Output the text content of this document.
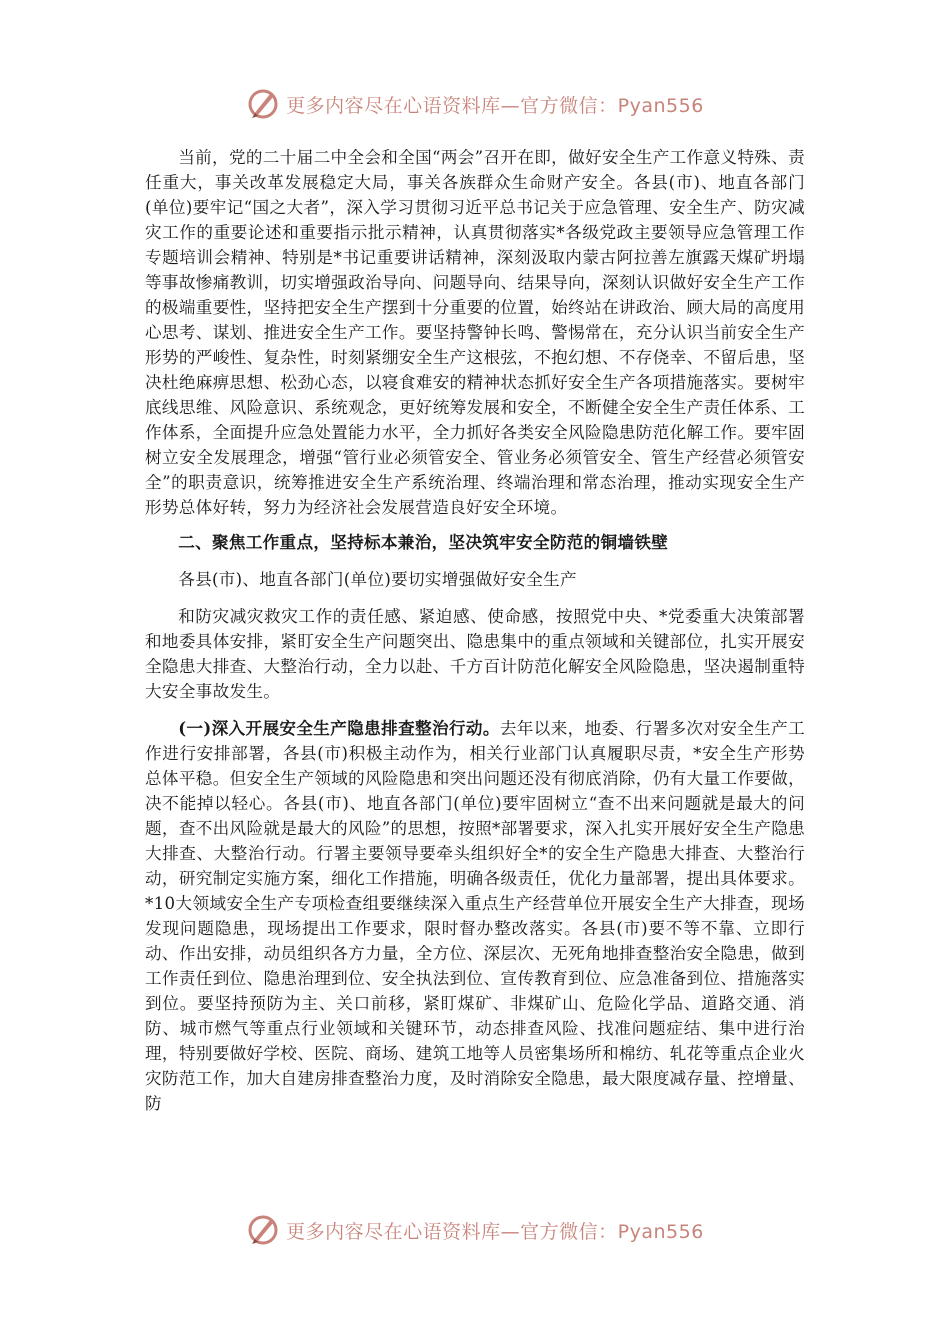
更多内容尽在心语资料库—官方微信：Pyan556

当前，党的二十届二中全会和全国“两会”召开在即，做好安全生产工作意义特殊、责任重大，事关改革发展稳定大局，事关各族群众生命财产安全。各县(市)、地直各部门(单位)要牢记“国之大者”，深入学习贯彻习近平总书记关于应急管理、安全生产、防灾减灾工作的重要论述和重要指示批示精神，认真贯彻落实*各级党政主要领导应急管理工作专题培训会精神、特别是*书记重要讲话精神，深刻汲取内蒙古阿拉善左旗露天煤矿坍塌等事故惨痛教训，切实增强政治导向、问题导向、结果导向，深刻认识做好安全生产工作的极端重要性，坚持把安全生产摆到十分重要的位置，始终站在讲政治、顾大局的高度用心思考、谋划、推进安全生产工作。要坚持警钟长鸣、警惕常在，充分认识当前安全生产形势的严峻性、复杂性，时刻紧绷安全生产这根弦，不抱幻想、不存侥幸、不留后患，坚决杜绝麻痹思想、松劲心态，以寝食难安的精神状态抓好安全生产各项措施落实。要树牢底线思维、风险意识、系统观念，更好统筹发展和安全，不断健全安全生产责任体系、工作体系，全面提升应急处置能力水平，全力抓好各类安全风险隐患防范化解工作。要牢固树立安全发展理念，增强“管行业必须管安全、管业务必须管安全、管生产经营必须管安全”的职责意识，统筹推进安全生产系统治理、终端治理和常态治理，推动实现安全生产形势总体好转，努力为经济社会发展营造良好安全环境。

二、聚焦工作重点，坚持标本兼治，坚决筑牢安全防范的铜墙铁壁

各县(市)、地直各部门(单位)要切实增强做好安全生产

和防灾减灾救灾工作的责任感、紧迫感、使命感，按照党中央、*党委重大决策部署和地委具体安排，紧盯安全生产问题突出、隐患集中的重点领域和关键部位，扎实开展安全隐患大排查、大整治行动，全力以赴、千方百计防范化解安全风险隐患，坚决遏制重特大安全事故发生。

(一)深入开展安全生产隐患排查整治行动。去年以来，地委、行署多次对安全生产工作进行安排部署，各县(市)积极主动作为，相关行业部门认真履职尽责，*安全生产形势总体平稳。但安全生产领域的风险隐患和突出问题还没有彻底消除，仍有大量工作要做，决不能掉以轻心。各县(市)、地直各部门(单位)要牢固树立“查不出来问题就是最大的问题，查不出风险就是最大的风险”的思想，按照*部署要求，深入扎实开展好安全生产隐患大排查、大整治行动。行署主要领导要牵头组织好全*的安全生产隐患大排查、大整治行动，研究制定实施方案，细化工作措施，明确各级责任，优化力量部署，提出具体要求。*10大领域安全生产专项检查组要继续深入重点生产经营单位开展安全生产大排查，现场发现问题隐患，现场提出工作要求，限时督办整改落实。各县(市)要不等不靠、立即行动、作出安排，动员组织各方力量，全方位、深层次、无死角地排查整治安全隐患，做到工作责任到位、隐患治理到位、安全执法到位、宣传教育到位、应急准备到位、措施落实到位。要坚持预防为主、关口前移，紧盯煤矿、非煤矿山、危险化学品、道路交通、消防、城市燃气等重点行业领域和关键环节，动态排查风险、找准问题症结、集中进行治理，特别要做好学校、医院、商场、建筑工地等人员密集场所和棉纺、轧花等重点企业火灾防范工作，加大自建房排查整治力度，及时消除安全隐患，最大限度减存量、控增量、防

更多内容尽在心语资料库—官方微信：Pyan556
